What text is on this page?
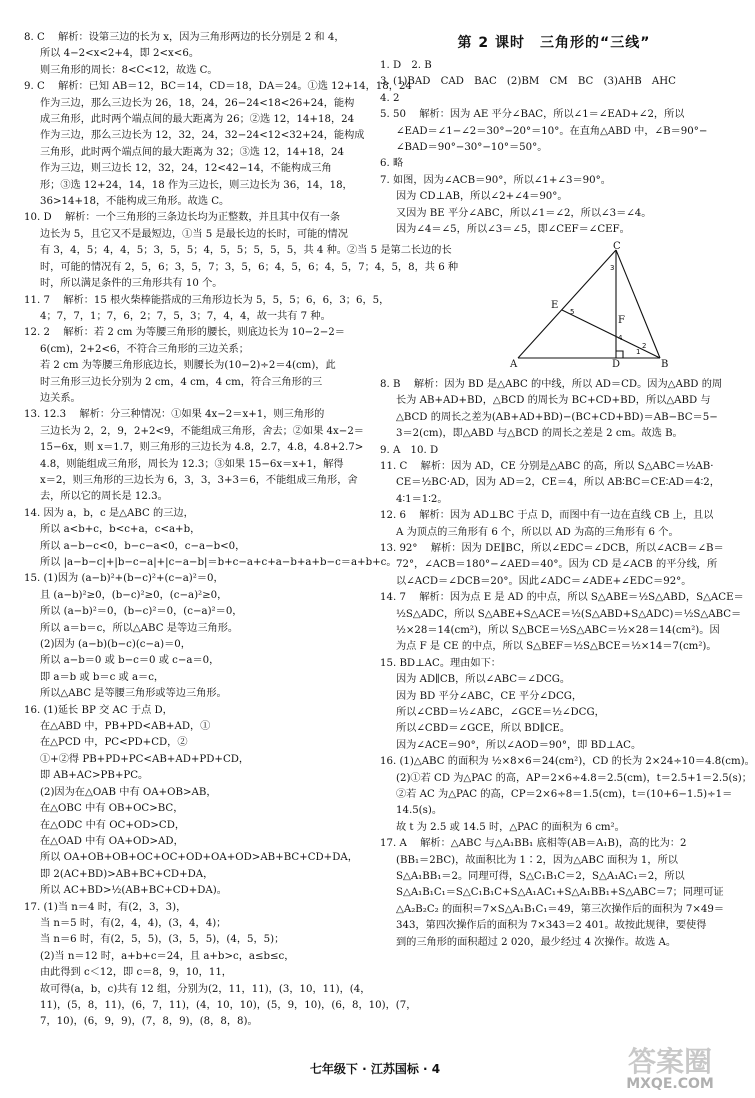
8. C　 解析：设第三边的长为 x，因为三角形两边的长分别是 2 和 4，
所以 4−2<x<2+4，即 2<x<6。
则三角形的周长：8<C<12，故选 C。
9. C　 解析：已知 AB＝12，BC＝14，CD＝18，DA＝24。①选 12+14，18，24
作为三边，那么三边长为 26，18，24，26−24<18<26+24，能构
成三角形，此时两个端点间的最大距离为 26；②选 12，14+18，24
作为三边，那么三边长为 12，32，24，32−24<12<32+24，能构成
三角形，此时两个端点间的最大距离为 32；③选 12，14+18，24
作为三边，则三边长 12，32，24，12<42−14，不能构成三角
形；③选 12+24，14，18 作为三边长，则三边长为 36，14，18，
36>14+18，不能构成三角形。故选 C。
10. D　 解析：一个三角形的三条边长均为正整数，并且其中仅有一条
边长为 5，且它又不是最短边，①当 5 是最长边的长时，可能的情况
有 3，4，5；4，4，5；3，5，5；4，5，5；5，5，5，共 4 种。②当 5 是第二长边的长
时，可能的情况有 2，5，6；3，5，7；3，5，6；4，5，6；4，5，7；4，5，8，共 6 种
时，所以满足条件的三角形共有 10 个。
11. 7　 解析：15 根火柴棒能搭成的三角形边长为 5，5，5；6，6，3；6，5，
4；7，7，1；7，6，2；7，5，3；7，4，4，故一共有 7 种。
12. 2　 解析：若 2 cm 为等腰三角形的腰长，则底边长为 10−2−2＝
6(cm)，2+2<6，不符合三角形的三边关系；
若 2 cm 为等腰三角形底边长，则腰长为(10−2)÷2＝4(cm)，此
时三角形三边长分别为 2 cm，4 cm，4 cm，符合三角形的三
边关系。
13. 12.3　 解析：分三种情况：①如果 4x−2＝x+1，则三角形的
三边长为 2，2，9，2+2<9，不能组成三角形，舍去；②如果 4x−2＝
15−6x，则 x＝1.7，则三角形的三边长为 4.8，2.7，4.8，4.8+2.7>
4.8，则能组成三角形，周长为 12.3；③如果 15−6x＝x+1，解得
x＝2，则三角形的三边长为 6，3，3，3+3＝6，不能组成三角形，舍
去，所以它的周长是 12.3。
14. 因为 a，b，c 是△ABC 的三边，
所以 a<b+c，b<c+a，c<a+b，
所以 a−b−c<0，b−c−a<0，c−a−b<0，
所以 |a−b−c|+|b−c−a|+|c−a−b|＝b+c−a+c+a−b+a+b−c＝a+b+c。
15. (1)因为 (a−b)²+(b−c)²+(c−a)²＝0，
且 (a−b)²≥0，(b−c)²≥0，(c−a)²≥0，
所以 (a−b)²＝0，(b−c)²＝0，(c−a)²＝0，
所以 a＝b＝c，所以△ABC 是等边三角形。
(2)因为 (a−b)(b−c)(c−a)＝0，
所以 a−b＝0 或 b−c＝0 或 c−a＝0，
即 a＝b 或 b＝c 或 a＝c，
所以△ABC 是等腰三角形或等边三角形。
16. (1)延长 BP 交 AC 于点 D，
在△ABD 中，PB+PD<AB+AD，①
在△PCD 中，PC<PD+CD，②
①+②得 PB+PD+PC<AB+AD+PD+CD，
即 AB+AC>PB+PC。
(2)因为在△OAB 中有 OA+OB>AB，
在△OBC 中有 OB+OC>BC，
在△ODC 中有 OC+OD>CD，
在△OAD 中有 OA+OD>AD，
所以 OA+OB+OB+OC+OC+OD+OA+OD>AB+BC+CD+DA，
即 2(AC+BD)>AB+BC+CD+DA，
所以 AC+BD>½(AB+BC+CD+DA)。
17. (1)当 n＝4 时，有(2，3，3)，
当 n＝5 时，有(2，4，4)，(3，4，4)；
当 n＝6 时，有(2，5，5)，(3，5，5)，(4，5，5)；
(2)当 n＝12 时，a+b+c＝24，且 a+b>c，a≤b≤c，
由此得到 c＜12，即 c＝8，9，10，11，
故可得(a，b，c)共有 12 组，分别为(2，11，11)，(3，10，11)，(4，
11)，(5，8，11)，(6，7，11)，(4，10，10)，(5，9，10)，(6，8，10)，(7，
7，10)，(6，9，9)，(7，8，9)，(8，8，8)。
第 2 课时　三角形的“三线”
1. D　2. B
3. (1)BAD　CAD　BAC　(2)BM　CM　BC　(3)AHB　AHC
4. 2
5. 50　 解析：因为 AE 平分∠BAC，所以∠1＝∠EAD+∠2，所以
∠EAD＝∠1−∠2＝30°−20°＝10°。在直角△ABD 中，∠B＝90°−
∠BAD＝90°−30°−10°＝50°。
6. 略
7. 如图，因为∠ACB＝90°，所以∠1+∠3＝90°。
因为 CD⊥AB，所以∠2+∠4＝90°。
又因为 BE 平分∠ABC，所以∠1＝∠2，所以∠3＝∠4。
因为∠4＝∠5，所以∠3＝∠5，即∠CEF＝∠CEF。
A	B
C
D
E
F
1
2
3
4
5
8. B　 解析：因为 BD 是△ABC 的中线，所以 AD＝CD。因为△ABD 的周
长为 AB+AD+BD，△BCD 的周长为 BC+CD+BD，所以△ABD 与
△BCD 的周长之差为(AB+AD+BD)−(BC+CD+BD)＝AB−BC＝5−
3＝2(cm)，即△ABD 与△BCD 的周长之差是 2 cm。故选 B。
9. A　10. D
11. C　 解析：因为 AD，CE 分别是△ABC 的高，所以 S△ABC＝½AB·
CE＝½BC·AD，因为 AD＝2，CE＝4，所以 AB∶BC＝CE∶AD＝4∶2，
4∶1＝1∶2。
12. 6　 解析：因为 AD⊥BC 于点 D，而图中有一边在直线 CB 上，且以
A 为顶点的三角形有 6 个，所以以 AD 为高的三角形有 6 个。
13. 92°　 解析：因为 DE∥BC，所以∠EDC＝∠DCB，所以∠ACB＝∠B＝
72°，∠ACB＝180°−∠AED＝40°。因为 CD 是∠ACB 的平分线，所
以∠ACD＝∠DCB＝20°。因此∠ADC＝∠ADE+∠EDC＝92°。
14. 7　 解析：因为点 E 是 AD 的中点，所以 S△ABE＝½S△ABD，S△ACE＝
½S△ADC，所以 S△ABE+S△ACE＝½(S△ABD+S△ADC)＝½S△ABC＝
½×28＝14(cm²)，所以 S△BCE＝½S△ABC＝½×28＝14(cm²)。因
为点 F 是 CE 的中点，所以 S△BEF＝½S△BCE＝½×14＝7(cm²)。
15. BD⊥AC。理由如下：
因为 AD∥CB，所以∠ABC＝∠DCG。
因为 BD 平分∠ABC，CE 平分∠DCG，
所以∠CBD＝½∠ABC，∠GCE＝½∠DCG，
所以∠CBD＝∠GCE，所以 BD∥CE。
因为∠ACE＝90°，所以∠AOD＝90°，即 BD⊥AC。
16. (1)△ABC 的面积为 ½×8×6＝24(cm²)，CD 的长为 2×24÷10＝4.8(cm)。
(2)①若 CD 为△PAC 的高，AP＝2×6÷4.8＝2.5(cm)，t＝2.5+1＝2.5(s)；
②若 AC 为△PAC 的高，CP＝2×6÷8＝1.5(cm)，t＝(10+6−1.5)÷1＝
14.5(s)。
故 t 为 2.5 或 14.5 时，△PAC 的面积为 6 cm²。
17. A　 解析：△ABC 与△A₁BB₁ 底相等(AB＝A₁B)，高的比为：2
(BB₁＝2BC)，故面积比为 1∶2，因为△ABC 面积为 1，所以
S△A₁BB₁＝2。同理可得，S△C₁B₁C＝2，S△A₁AC₁＝2，所以
S△A₁B₁C₁＝S△C₁B₁C+S△A₁AC₁+S△A₁BB₁+S△ABC＝7；同理可证
△A₂B₂C₂ 的面积＝7×S△A₁B₁C₁＝49，第三次操作后的面积为 7×49＝
343，第四次操作后的面积为 7×343＝2 401。故按此规律，要使得
到的三角形的面积超过 2 020，最少经过 4 次操作。故选 A。
七年级下 · 江苏国标 · 4	答案圈
MXQE.COM
